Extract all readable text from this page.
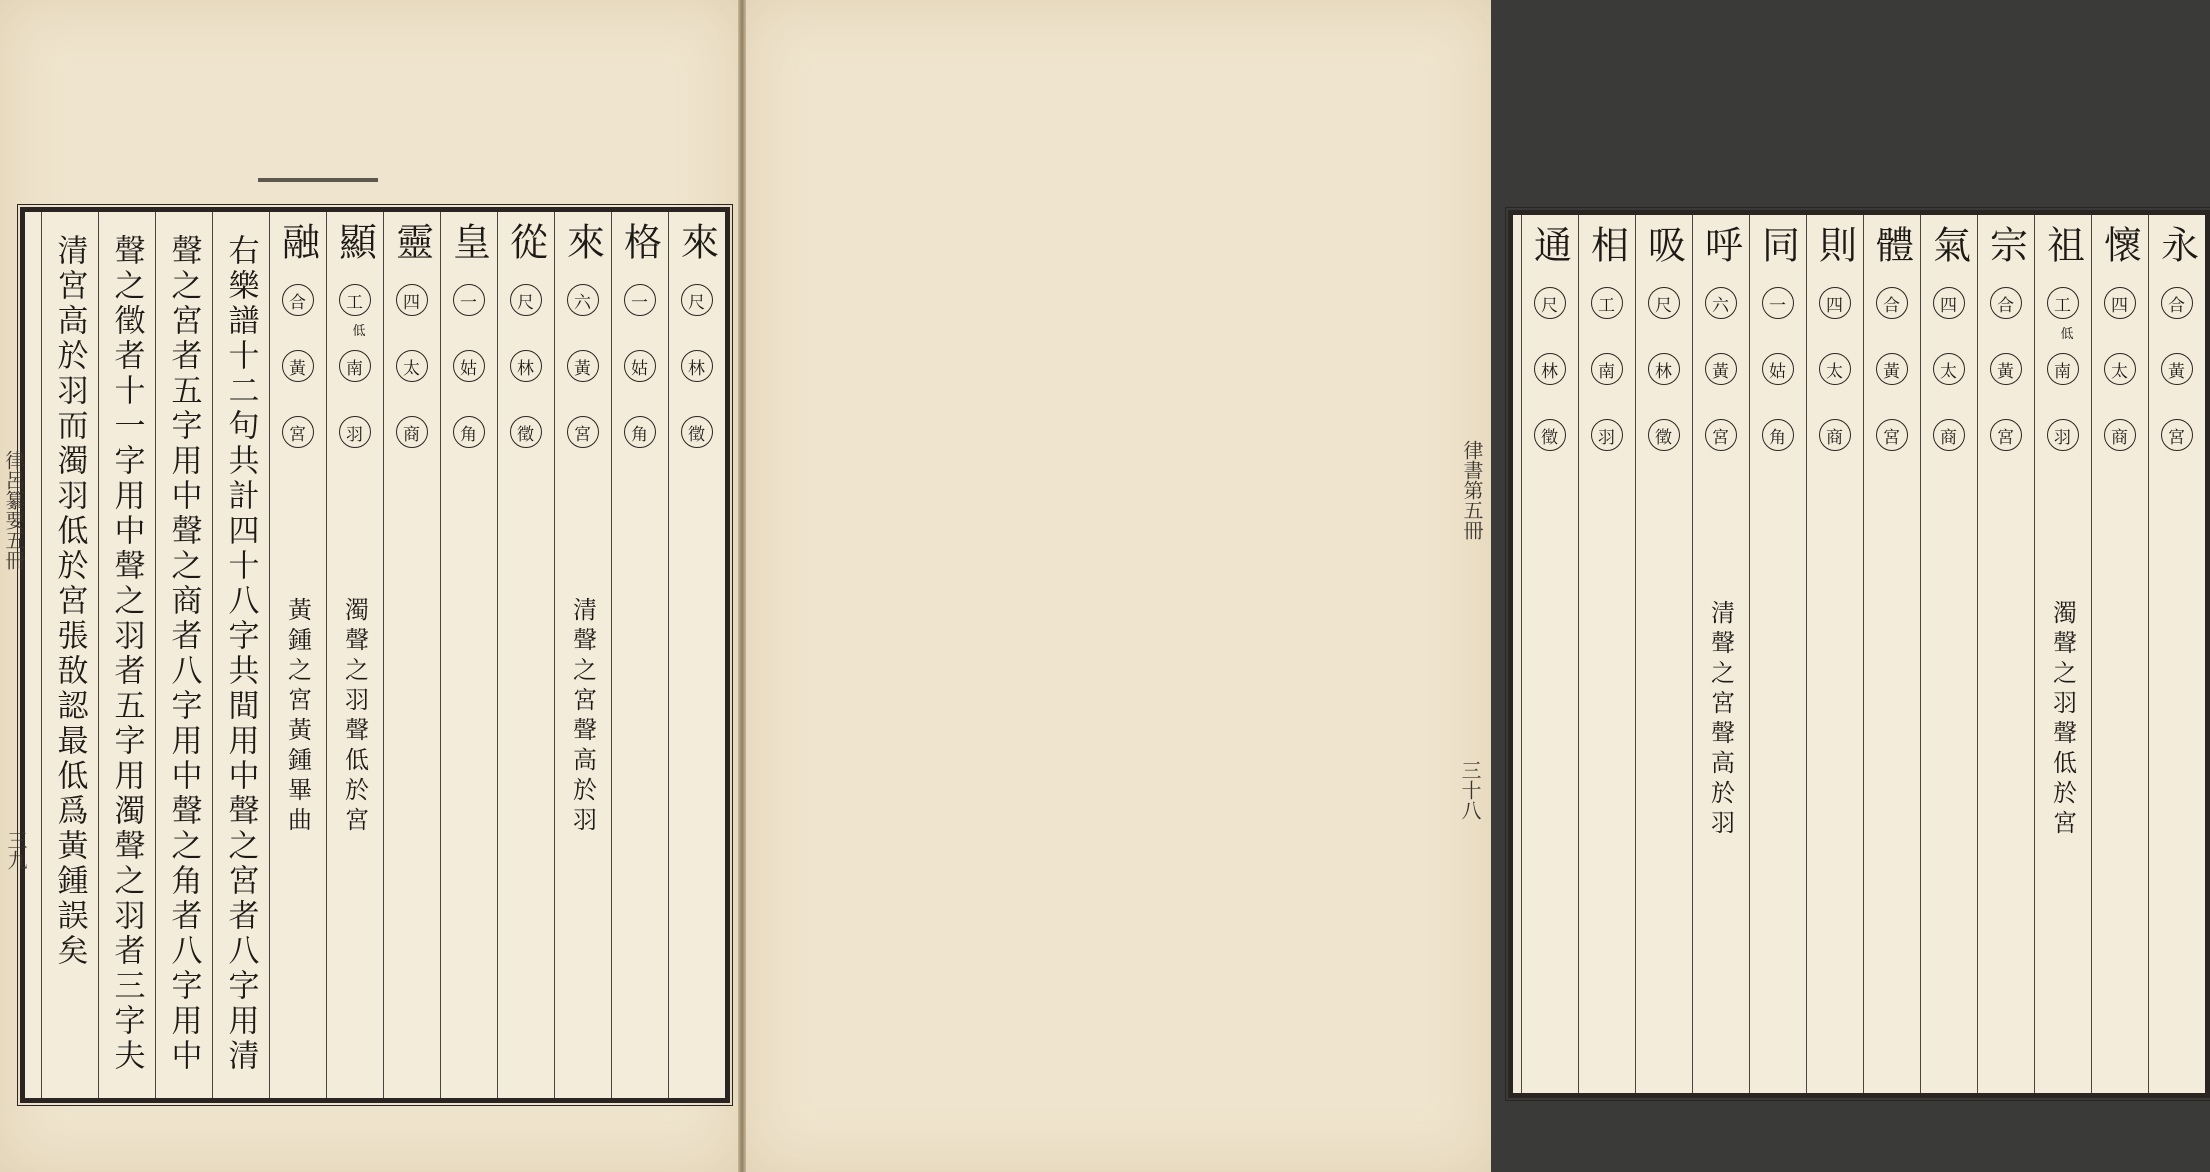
來
尺
林
徵
格
一
姑
角
來
六
黃
宮
從
尺
林
徵
皇
一
姑
角
靈
四
太
商
顯
工
南
羽
低
融
合
黃
宮
清聲之宮聲高於羽
濁聲之羽聲低於宮
黃鍾之宮黃鍾畢曲
右樂譜十二句共計四十八字共間用中聲之宮者八字用清
聲之宮者五字用中聲之商者八字用中聲之角者八字用中
聲之徵者十一字用中聲之羽者五字用濁聲之羽者三字夫
清宮高於羽而濁羽低於宮張敔認最低爲黃鍾誤矣
律呂纂要五冊
三九
永
合
黃
宮
懷
四
太
商
祖
工
南
羽
低
宗
合
黃
宮
氣
四
太
商
體
合
黃
宮
則
四
太
商
同
一
姑
角
呼
六
黃
宮
吸
尺
林
徵
相
工
南
羽
通
尺
林
徵
濁聲之羽聲低於宮
清聲之宮聲高於羽
律書第五冊
三十八
